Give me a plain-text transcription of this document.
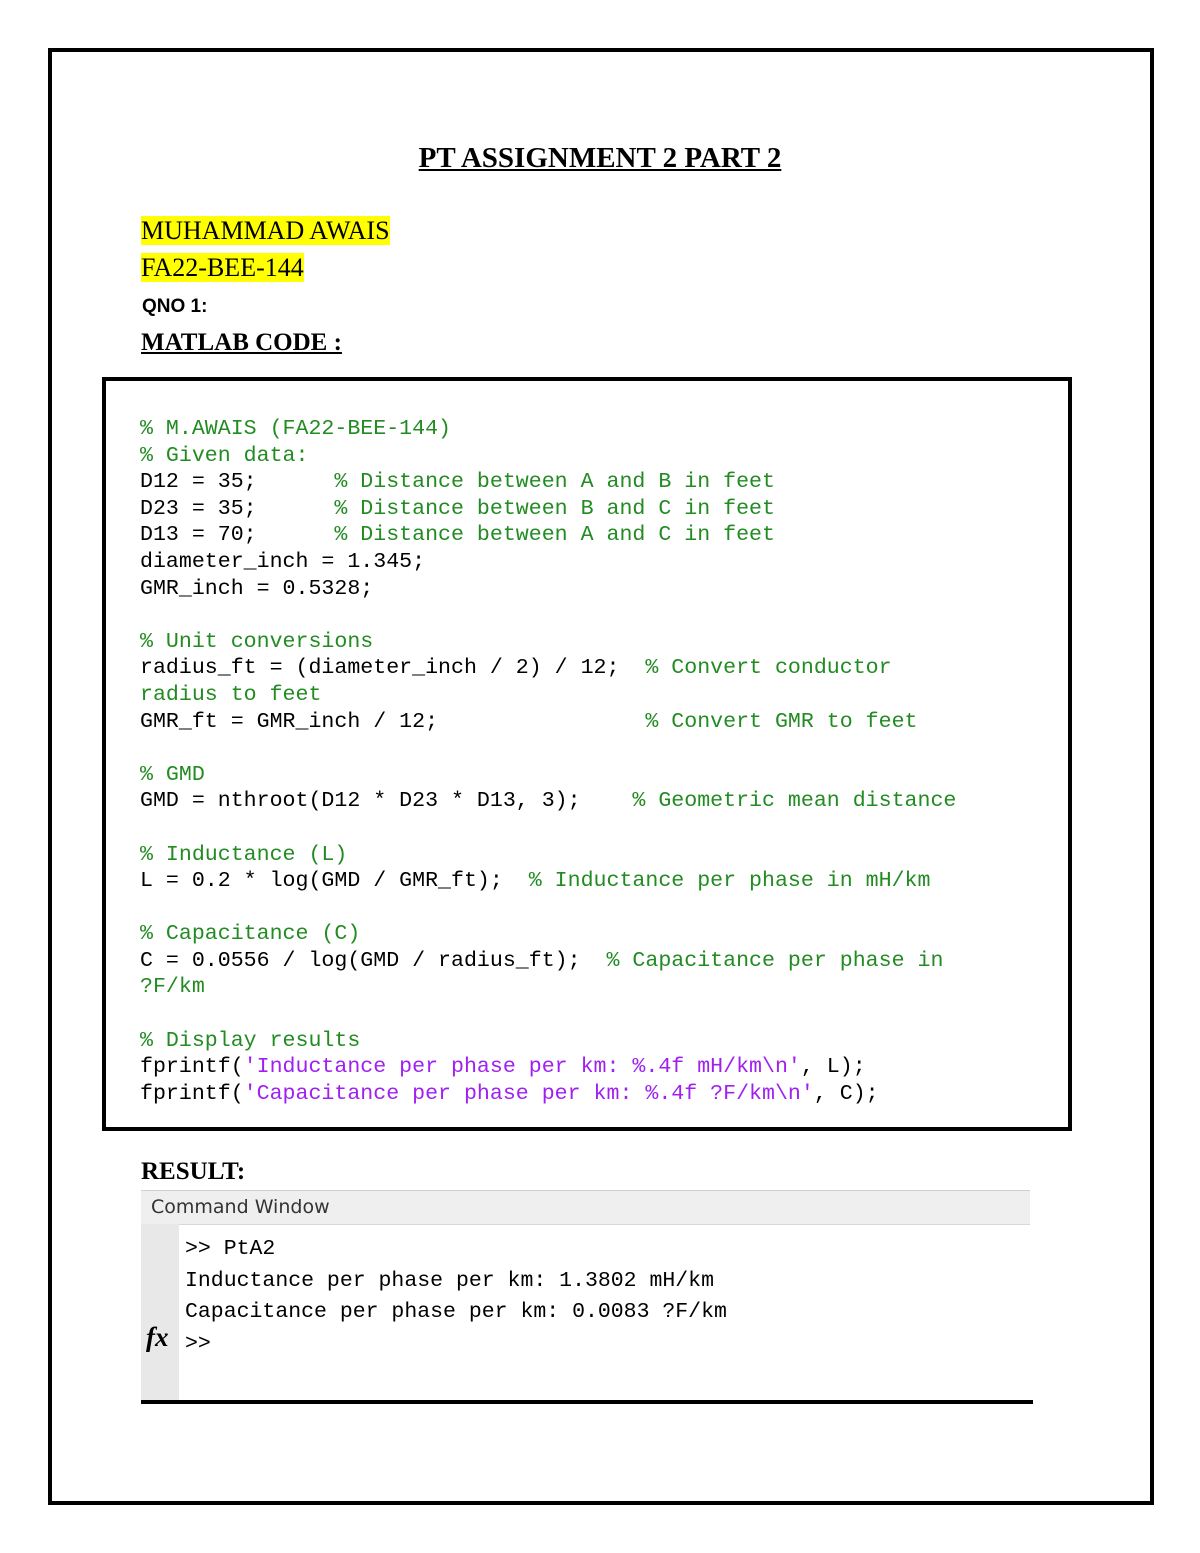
PT ASSIGNMENT 2 PART 2
MUHAMMAD AWAIS
FA22-BEE-144
QNO 1:
MATLAB CODE :
% M.AWAIS (FA22-BEE-144)
% Given data:
D12 = 35;      % Distance between A and B in feet
D23 = 35;      % Distance between B and C in feet
D13 = 70;      % Distance between A and C in feet
diameter_inch = 1.345;
GMR_inch = 0.5328;

% Unit conversions
radius_ft = (diameter_inch / 2) / 12;  % Convert conductor
radius to feet
GMR_ft = GMR_inch / 12;                % Convert GMR to feet

% GMD
GMD = nthroot(D12 * D23 * D13, 3);    % Geometric mean distance

% Inductance (L)
L = 0.2 * log(GMD / GMR_ft);  % Inductance per phase in mH/km

% Capacitance (C)
C = 0.0556 / log(GMD / radius_ft);  % Capacitance per phase in
?F/km

% Display results
fprintf('Inductance per phase per km: %.4f mH/km\n', L);
fprintf('Capacitance per phase per km: %.4f ?F/km\n', C);
RESULT:
Command Window
fx
>> PtA2
Inductance per phase per km: 1.3802 mH/km
Capacitance per phase per km: 0.0083 ?F/km
>>
